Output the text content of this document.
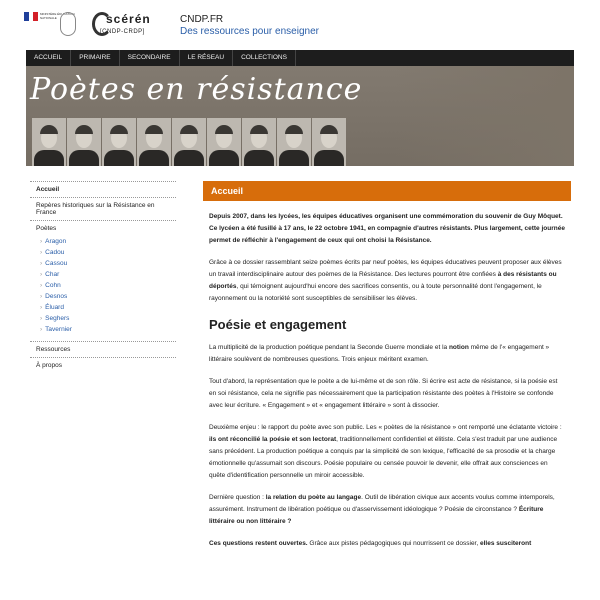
MINISTÈRE ÉDUCATION NATIONALE	scérén
[CNDP-CRDP]
CNDP.FR
Des ressources pour enseigner
ACCUEIL	PRIMAIRE	SECONDAIRE	LE RÉSEAU	COLLECTIONS
Poètes en résistance
Accueil
Repères historiques sur la Résistance en France
Poètes
› Aragon
› Cadou
› Cassou
› Char
› Cohn
› Desnos
› Éluard
› Seghers
› Tavernier
Ressources
À propos
Accueil

Depuis 2007, dans les lycées, les équipes éducatives organisent une commémoration du souvenir de Guy Môquet. Ce lycéen a été fusillé à 17 ans, le 22 octobre 1941, en compagnie d'autres résistants. Plus largement, cette journée permet de réfléchir à l'engagement de ceux qui ont choisi la Résistance.

Grâce à ce dossier rassemblant seize poèmes écrits par neuf poètes, les équipes éducatives peuvent proposer aux élèves un travail interdisciplinaire autour des poèmes de la Résistance. Des lectures pourront être confiées à des résistants ou déportés, qui témoignent aujourd'hui encore des sacrifices consentis, ou à toute personnalité dont l'engagement, le rayonnement ou la notoriété sont susceptibles de sensibiliser les élèves.

Poésie et engagement

La multiplicité de la production poétique pendant la Seconde Guerre mondiale et la notion même de l'« engagement » littéraire soulèvent de nombreuses questions. Trois enjeux méritent examen.

Tout d'abord, la représentation que le poète a de lui-même et de son rôle. Si écrire est acte de résistance, si la poésie est en soi résistance, cela ne signifie pas nécessairement que la participation résistante des poètes à l'Histoire se confonde avec leur écriture. « Engagement » et « engagement littéraire » sont à dissocier.

Deuxième enjeu : le rapport du poète avec son public. Les « poètes de la résistance » ont remporté une éclatante victoire : ils ont réconcilié la poésie et son lectorat, traditionnellement confidentiel et élitiste. Cela s'est traduit par une audience sans précédent. La production poétique a conquis par la simplicité de son lexique, l'efficacité de sa prosodie et la charge émotionnelle qu'assumait son discours. Poésie populaire ou censée pouvoir le devenir, elle offrait aux consciences en quête d'identification personnelle un miroir accessible.

Dernière question : la relation du poète au langage. Outil de libération civique aux accents voulus comme intemporels, assurément. Instrument de libération poétique ou d'asservissement idéologique ? Poésie de circonstance ? Écriture littéraire ou non littéraire ?

Ces questions restent ouvertes. Grâce aux pistes pédagogiques qui nourrissent ce dossier, elles susciteront
